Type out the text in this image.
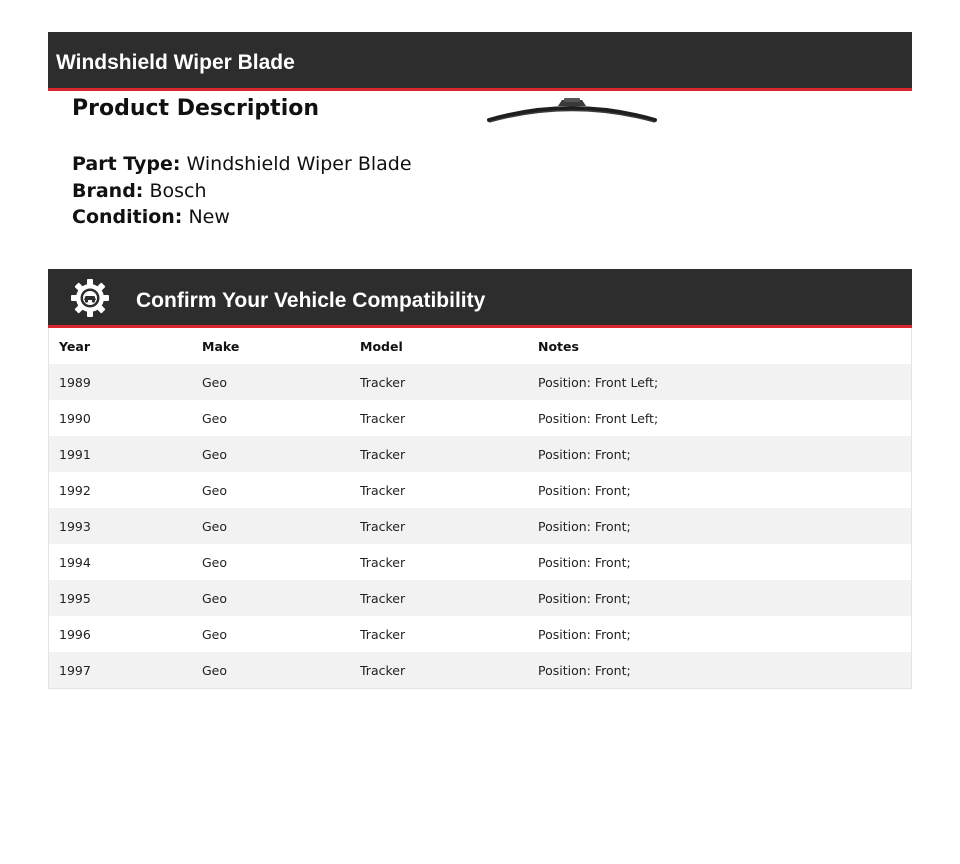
Windshield Wiper Blade
Product Description
Part Type: Windshield Wiper Blade
Brand: Bosch
Condition: New
Confirm Your Vehicle Compatibility
Year	Make	Model	Notes
1989	Geo	Tracker	Position: Front Left;
1990	Geo	Tracker	Position: Front Left;
1991	Geo	Tracker	Position: Front;
1992	Geo	Tracker	Position: Front;
1993	Geo	Tracker	Position: Front;
1994	Geo	Tracker	Position: Front;
1995	Geo	Tracker	Position: Front;
1996	Geo	Tracker	Position: Front;
1997	Geo	Tracker	Position: Front;
